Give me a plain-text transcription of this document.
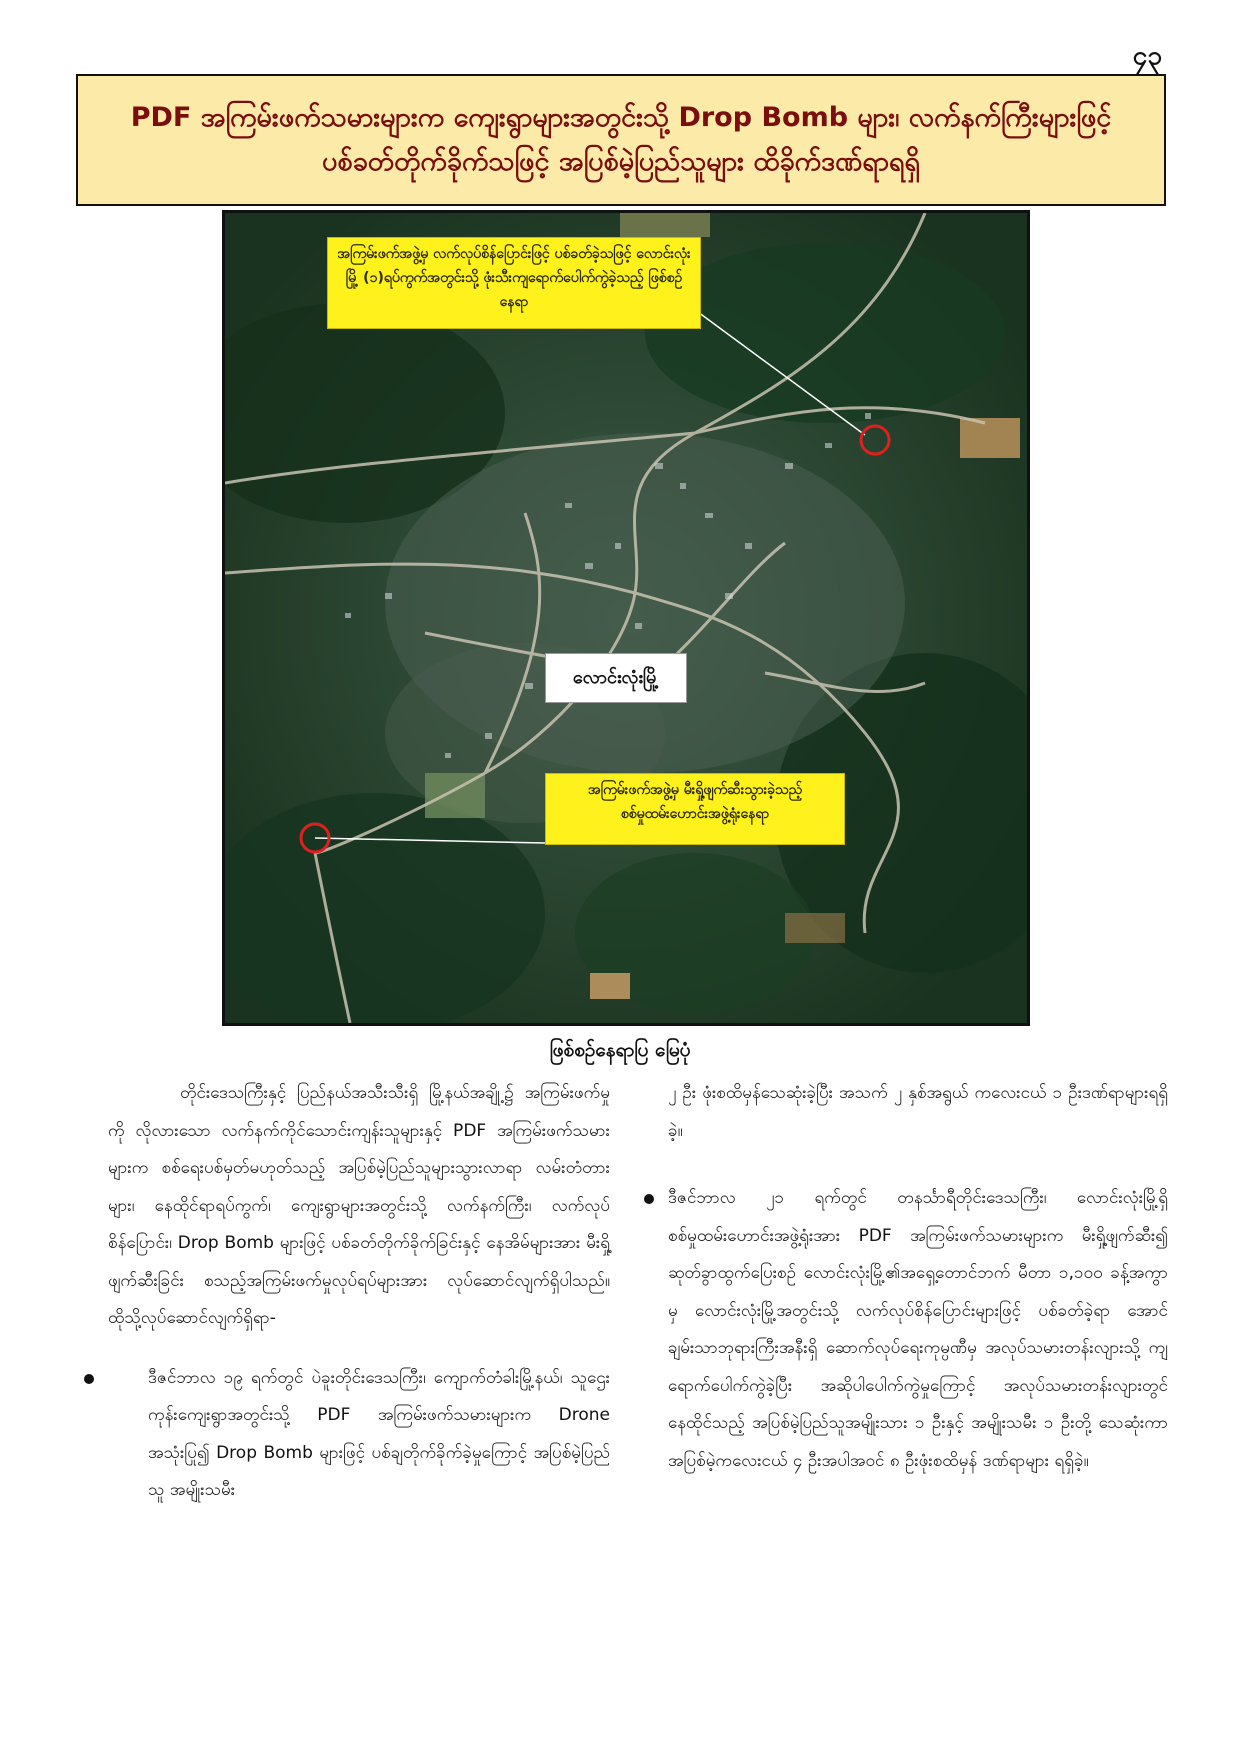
၄၃
PDF အကြမ်းဖက်သမားများက ကျေးရွာများအတွင်းသို့ Drop Bomb များ၊ လက်နက်ကြီးများဖြင့်
ပစ်ခတ်တိုက်ခိုက်သဖြင့် အပြစ်မဲ့ပြည်သူများ ထိခိုက်ဒဏ်ရာရရှိ
အကြမ်းဖက်အဖွဲ့မှ လက်လုပ်စိန်ပြောင်းဖြင့် ပစ်ခတ်ခဲ့သဖြင့် လောင်းလုံးမြို့ (၁)ရပ်ကွက်အတွင်းသို့ ဖုံးသီးကျရောက်ပေါက်ကွဲခဲ့သည့် ဖြစ်စဉ်နေရာ
လောင်းလုံးမြို့
အကြမ်းဖက်အဖွဲ့မှ မီးရှို့ဖျက်ဆီးသွားခဲ့သည့် စစ်မှုထမ်းဟောင်းအဖွဲ့ရုံးနေရာ
ဖြစ်စဉ်နေရာပြ မြေပုံ

တိုင်းဒေသကြီးနှင့် ပြည်နယ်အသီးသီးရှိ မြို့နယ်အချို့၌ အကြမ်းဖက်မှုကို လိုလားသော လက်နက်ကိုင်သောင်းကျန်းသူများနှင့် PDF အကြမ်းဖက်သမားများက စစ်ရေးပစ်မှတ်မဟုတ်သည့် အပြစ်မဲ့ပြည်သူများသွားလာရာ လမ်းတံတားများ၊ နေထိုင်ရာရပ်ကွက်၊ ကျေးရွာများအတွင်းသို့ လက်နက်ကြီး၊ လက်လုပ်စိန်ပြောင်း၊ Drop Bomb များဖြင့် ပစ်ခတ်တိုက်ခိုက်ခြင်းနှင့် နေအိမ်များအား မီးရှို့ဖျက်ဆီးခြင်း စသည့်အကြမ်းဖက်မှုလုပ်ရပ်များအား လုပ်ဆောင်လျက်ရှိပါသည်။ ထိုသို့လုပ်ဆောင်လျက်ရှိရာ-

ဒီဇင်ဘာလ ၁၉ ရက်တွင် ပဲခူးတိုင်းဒေသကြီး၊ ကျောက်တံခါးမြို့နယ်၊ သူဌေးကုန်းကျေးရွာအတွင်းသို့ PDF အကြမ်းဖက်သမားများက Drone အသုံးပြု၍ Drop Bomb များဖြင့် ပစ်ချတိုက်ခိုက်ခဲ့မှုကြောင့် အပြစ်မဲ့ပြည်သူ အမျိုးသမီး

၂ ဦး ဖုံးစထိမှန်သေဆုံးခဲ့ပြီး အသက် ၂ နှစ်အရွယ် ကလေးငယ် ၁ ဦးဒဏ်ရာများရရှိခဲ့။

ဒီဇင်ဘာလ ၂၁ ရက်တွင် တနင်္သာရီတိုင်းဒေသကြီး၊ လောင်းလုံးမြို့ရှိ စစ်မှုထမ်းဟောင်းအဖွဲ့ရုံးအား PDF အကြမ်းဖက်သမားများက မီးရှို့ဖျက်ဆီး၍ ဆုတ်ခွာထွက်ပြေးစဉ် လောင်းလုံးမြို့၏အရှေ့တောင်ဘက် မီတာ ၁,၁၀၀ ခန့်အကွာမှ လောင်းလုံးမြို့အတွင်းသို့ လက်လုပ်စိန်ပြောင်းများဖြင့် ပစ်ခတ်ခဲ့ရာ အောင်ချမ်းသာဘုရားကြီးအနီးရှိ ဆောက်လုပ်ရေးကုမ္ပဏီမှ အလုပ်သမားတန်းလျားသို့ ကျရောက်ပေါက်ကွဲခဲ့ပြီး အဆိုပါပေါက်ကွဲမှုကြောင့် အလုပ်သမားတန်းလျားတွင် နေထိုင်သည့် အပြစ်မဲ့ပြည်သူအမျိုးသား ၁ ဦးနှင့် အမျိုးသမီး ၁ ဦးတို့ သေဆုံးကာ အပြစ်မဲ့ကလေးငယ် ၄ ဦးအပါအဝင် ၈ ဦးဖုံးစထိမှန် ဒဏ်ရာများ ရရှိခဲ့။
